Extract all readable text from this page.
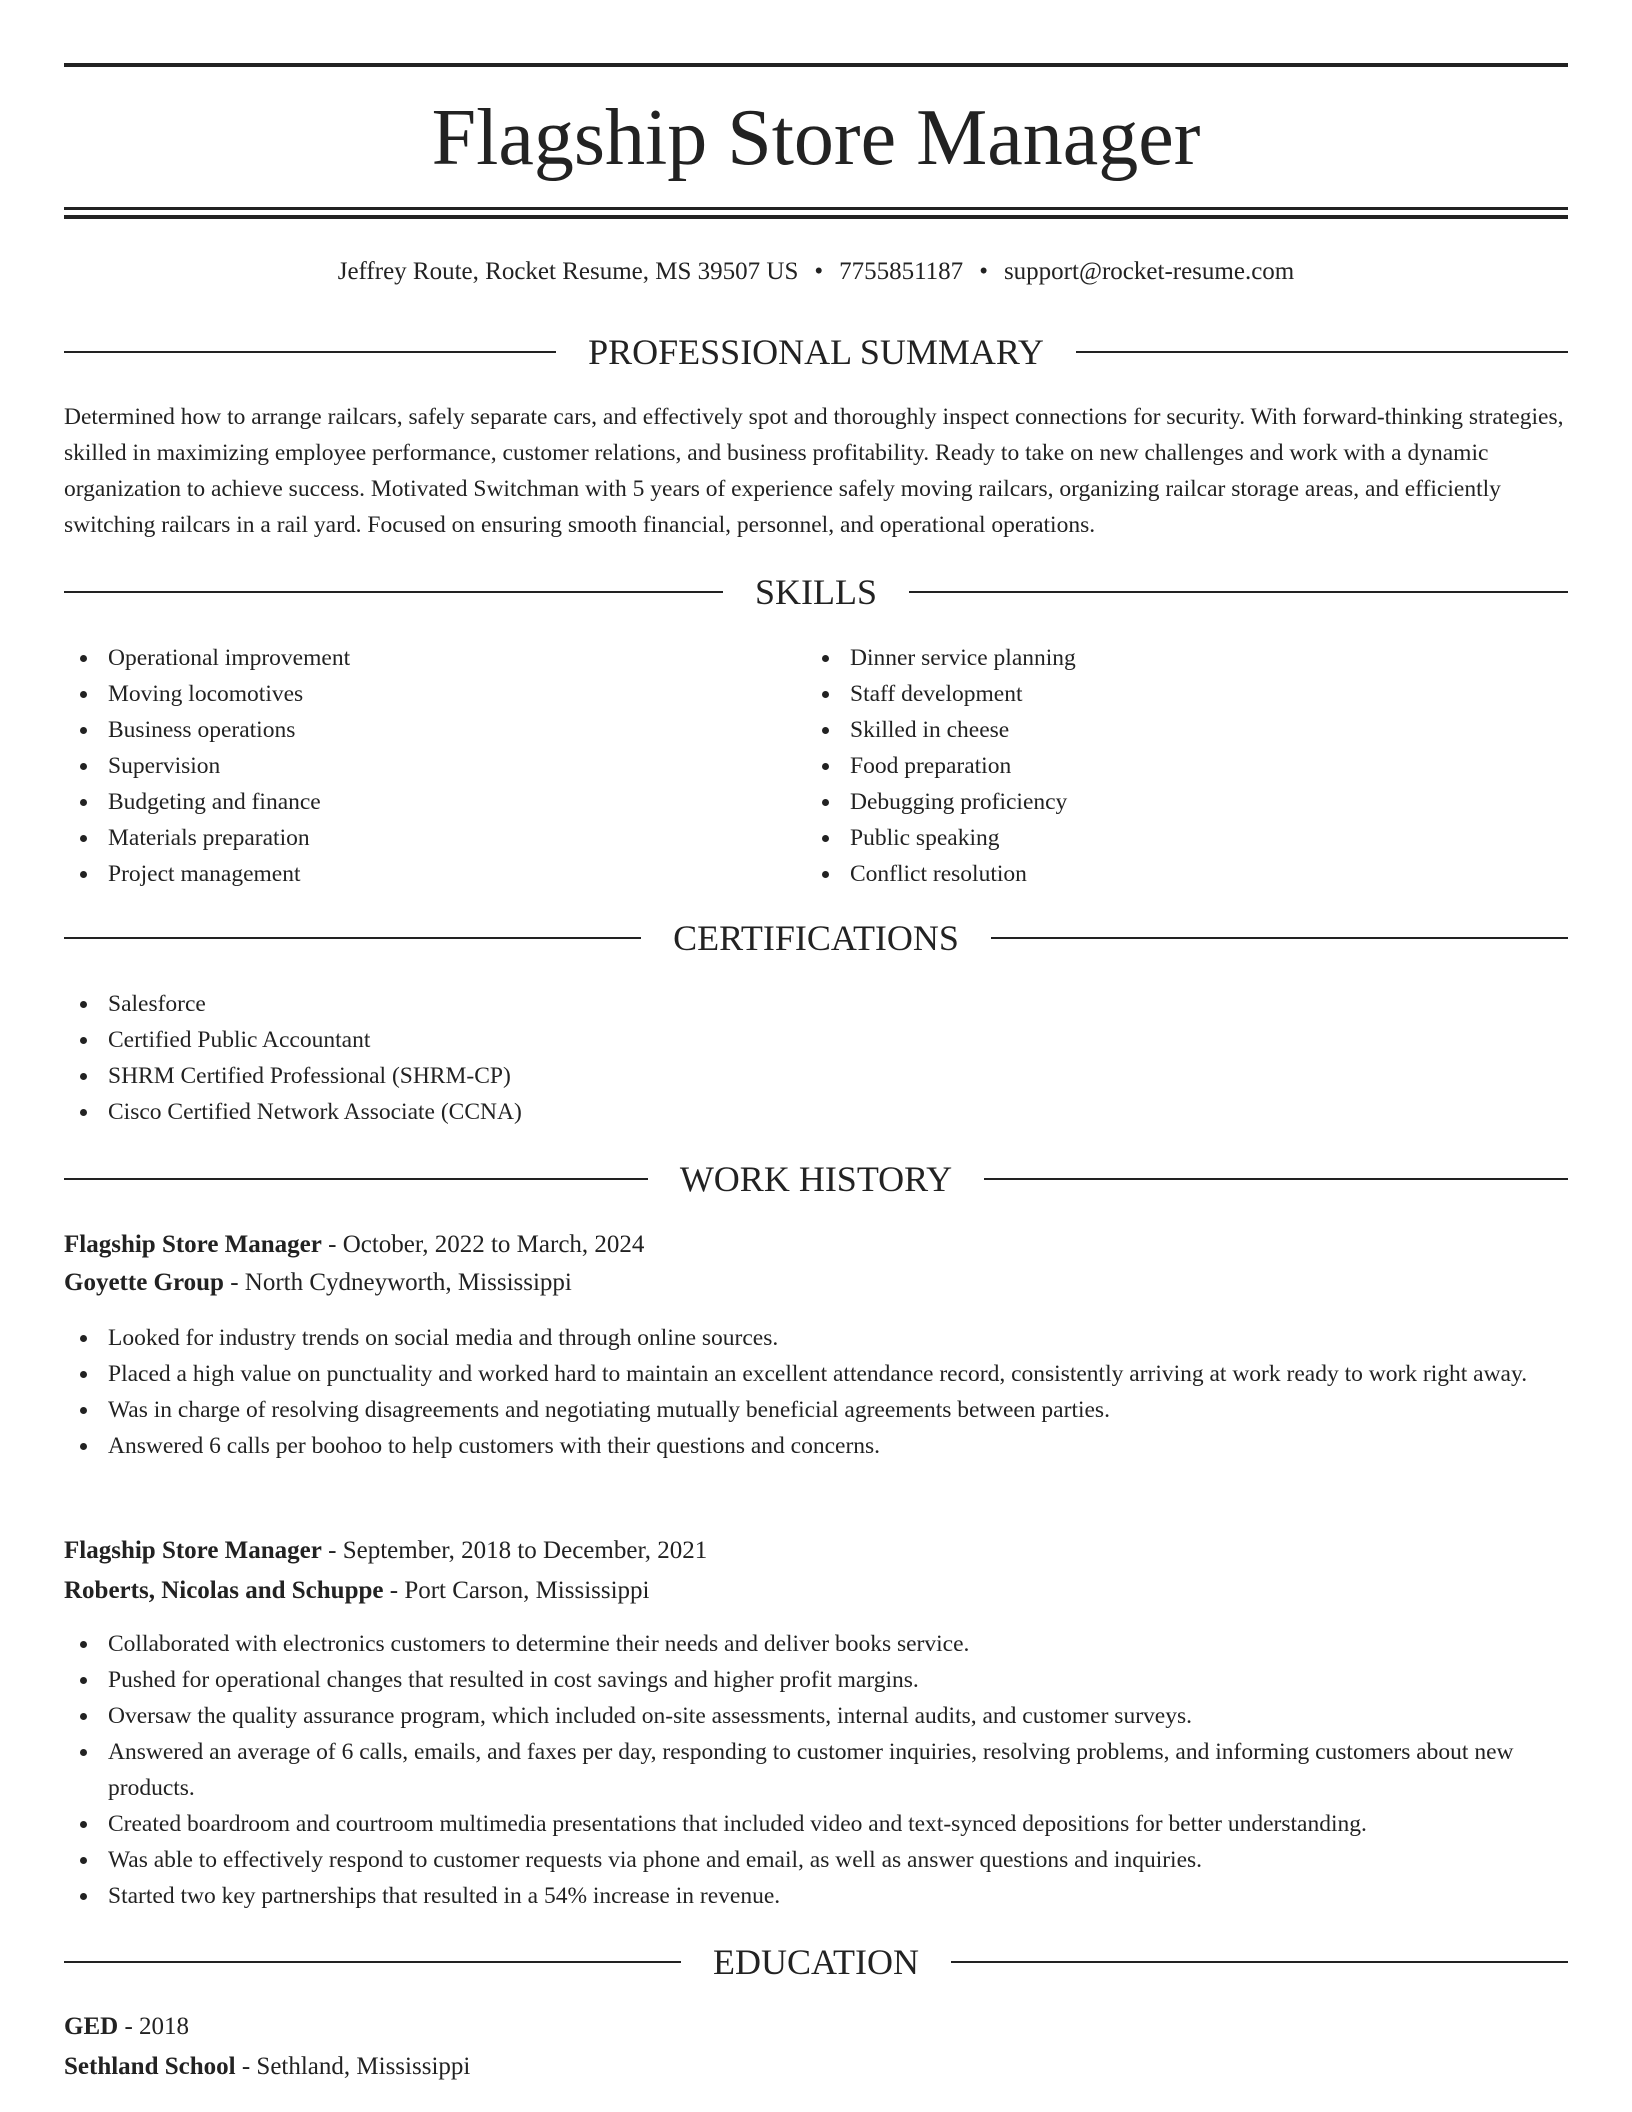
Flagship Store Manager
Jeffrey Route, Rocket Resume, MS 39507 US • 7755851187 • support@rocket-resume.com
PROFESSIONAL SUMMARY

Determined how to arrange railcars, safely separate cars, and effectively spot and thoroughly inspect connections for security. With forward-thinking strategies, skilled in maximizing employee performance, customer relations, and business profitability. Ready to take on new challenges and work with a dynamic organization to achieve success. Motivated Switchman with 5 years of experience safely moving railcars, organizing railcar storage areas, and efficiently switching railcars in a rail yard. Focused on ensuring smooth financial, personnel, and operational operations.

SKILLS
Operational improvement
Moving locomotives
Business operations
Supervision
Budgeting and finance
Materials preparation
Project management
Dinner service planning
Staff development
Skilled in cheese
Food preparation
Debugging proficiency
Public speaking
Conflict resolution
CERTIFICATIONS
Salesforce
Certified Public Accountant
SHRM Certified Professional (SHRM-CP)
Cisco Certified Network Associate (CCNA)
WORK HISTORY
Flagship Store Manager - October, 2022 to March, 2024
Goyette Group - North Cydneyworth, Mississippi
Looked for industry trends on social media and through online sources.
Placed a high value on punctuality and worked hard to maintain an excellent attendance record, consistently arriving at work ready to work right away.
Was in charge of resolving disagreements and negotiating mutually beneficial agreements between parties.
Answered 6 calls per boohoo to help customers with their questions and concerns.
Flagship Store Manager - September, 2018 to December, 2021
Roberts, Nicolas and Schuppe - Port Carson, Mississippi
Collaborated with electronics customers to determine their needs and deliver books service.
Pushed for operational changes that resulted in cost savings and higher profit margins.
Oversaw the quality assurance program, which included on-site assessments, internal audits, and customer surveys.
Answered an average of 6 calls, emails, and faxes per day, responding to customer inquiries, resolving problems, and informing customers about new products.
Created boardroom and courtroom multimedia presentations that included video and text-synced depositions for better understanding.
Was able to effectively respond to customer requests via phone and email, as well as answer questions and inquiries.
Started two key partnerships that resulted in a 54% increase in revenue.
EDUCATION
GED - 2018
Sethland School - Sethland, Mississippi
